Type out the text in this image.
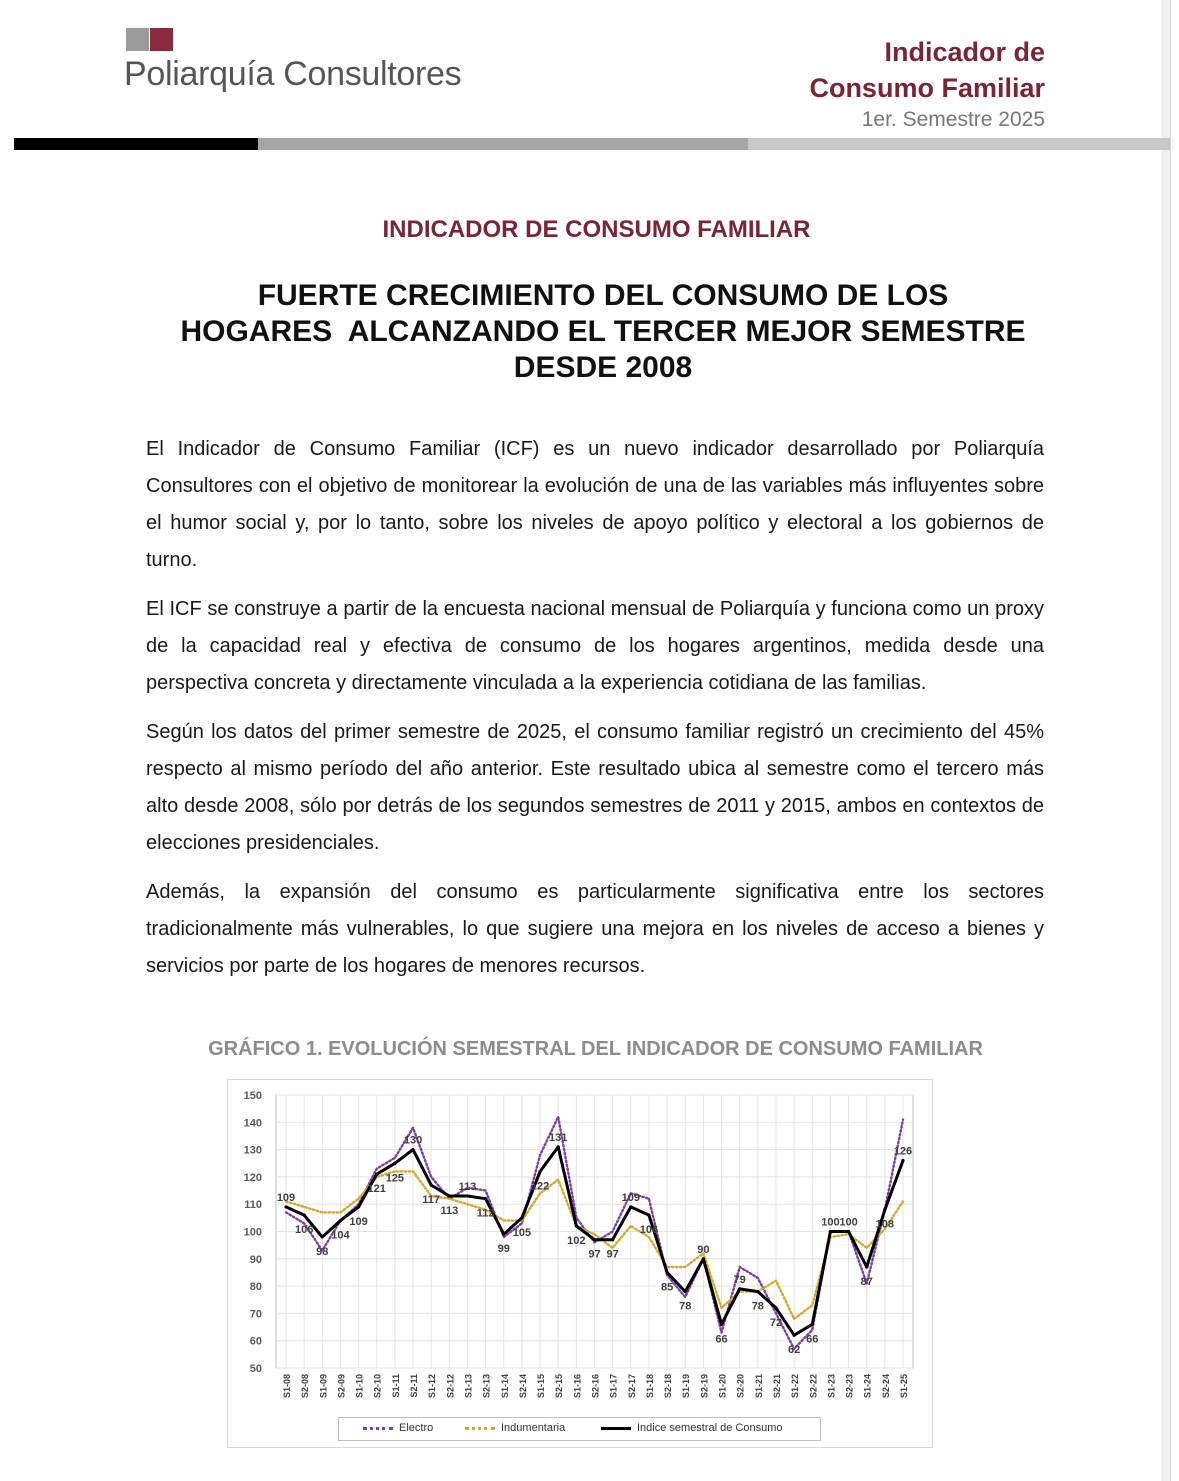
Poliarquía Consultores
Indicador de
Consumo Familiar
1er. Semestre 2025
INDICADOR DE CONSUMO FAMILIAR
FUERTE CRECIMIENTO DEL CONSUMO DE LOS
HOGARES  ALCANZANDO EL TERCER MEJOR SEMESTRE
DESDE 2008

El Indicador de Consumo Familiar (ICF) es un nuevo indicador desarrollado por Poliarquía Consultores con el objetivo de monitorear la evolución de una de las variables más influyentes sobre el humor social y, por lo tanto, sobre los niveles de apoyo político y electoral a los gobiernos de turno.

El ICF se construye a partir de la encuesta nacional mensual de Poliarquía y funciona como un proxy de la capacidad real y efectiva de consumo de los hogares argentinos, medida desde una perspectiva concreta y directamente vinculada a la experiencia cotidiana de las familias.

Según los datos del primer semestre de 2025, el consumo familiar registró un crecimiento del 45% respecto al mismo período del año anterior. Este resultado ubica al semestre como el tercero más alto desde 2008, sólo por detrás de los segundos semestres de 2011 y 2015, ambos en contextos de elecciones presidenciales.

Además, la expansión del consumo es particularmente significativa entre los sectores tradicionalmente más vulnerables, lo que sugiere una mejora en los niveles de acceso a bienes y servicios por parte de los hogares de menores recursos.

GRÁFICO 1. EVOLUCIÓN SEMESTRAL DEL INDICADOR DE CONSUMO FAMILIAR
50
60
70
80
90
100
110
120
130
140
150
S1-08 S2-08 S1-09 S2-09 S1-10 S2-10 S1-11 S2-11 S1-12 S2-12 S1-13 S2-13 S1-14 S2-14 S1-15 S2-15 S1-16 S2-16 S1-17 S2-17 S1-18 S2-18 S1-19 S2-19 S1-20 S2-20 S1-21 S2-21 S1-22 S2-22 S1-23 S2-23 S1-24 S2-24 S1-25
109
106
98
104
109
121
125
130
117
113
113
112
99
105
122
131
102
97 97
109
106
85
78
90
66
79
78
72
62
66
100 100
87
108
126
Electro	Indumentaria	Indice semestral de Consumo
